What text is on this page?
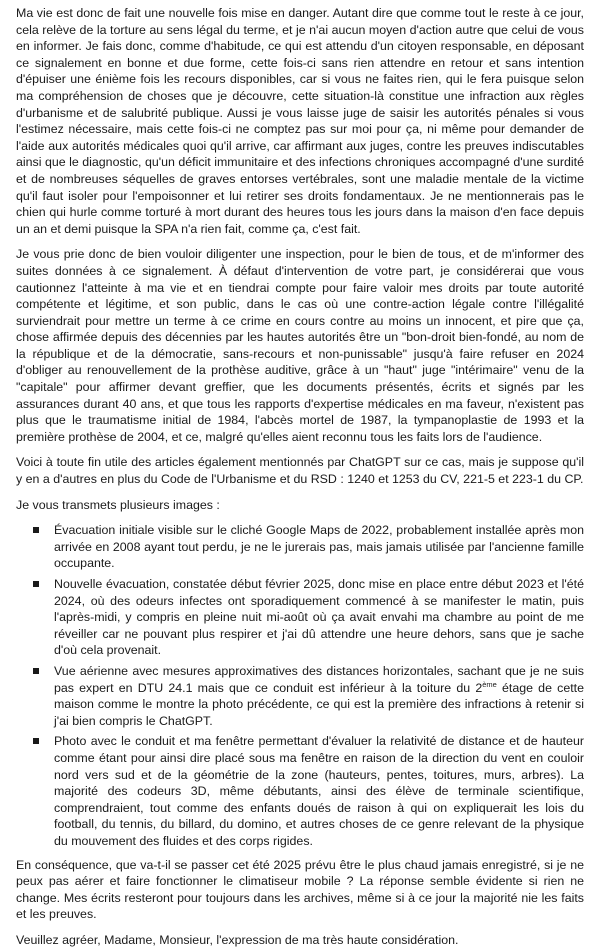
Ma vie est donc de fait une nouvelle fois mise en danger. Autant dire que comme tout le reste à ce jour, cela relève de la torture au sens légal du terme, et je n'ai aucun moyen d'action autre que celui de vous en informer. Je fais donc, comme d'habitude, ce qui est attendu d'un citoyen responsable, en déposant ce signalement en bonne et due forme, cette fois-ci sans rien attendre en retour et sans intention d'épuiser une énième fois les recours disponibles, car si vous ne faites rien, qui le fera puisque selon ma compréhension de choses que je découvre, cette situation-là constitue une infraction aux règles d'urbanisme et de salubrité publique. Aussi je vous laisse juge de saisir les autorités pénales si vous l'estimez nécessaire, mais cette fois-ci ne comptez pas sur moi pour ça, ni même pour demander de l'aide aux autorités médicales quoi qu'il arrive, car affirmant aux juges, contre les preuves indiscutables ainsi que le diagnostic, qu'un déficit immunitaire et des infections chroniques accompagné d'une surdité et de nombreuses séquelles de graves entorses vertébrales, sont une maladie mentale de la victime qu'il faut isoler pour l'empoisonner et lui retirer ses droits fondamentaux. Je ne mentionnerais pas le chien qui hurle comme torturé à mort durant des heures tous les jours dans la maison d'en face depuis un an et demi puisque la SPA n'a rien fait, comme ça, c'est fait.

Je vous prie donc de bien vouloir diligenter une inspection, pour le bien de tous, et de m'informer des suites données à ce signalement. À défaut d'intervention de votre part, je considérerai que vous cautionnez l'atteinte à ma vie et en tiendrai compte pour faire valoir mes droits par toute autorité compétente et légitime, et son public, dans le cas où une contre-action légale contre l'illégalité surviendrait pour mettre un terme à ce crime en cours contre au moins un innocent, et pire que ça, chose affirmée depuis des décennies par les hautes autorités être un "bon-droit bien-fondé, au nom de la république et de la démocratie, sans-recours et non-punissable" jusqu'à faire refuser en 2024 d'obliger au renouvellement de la prothèse auditive, grâce à un "haut" juge "intérimaire" venu de la "capitale" pour affirmer devant greffier, que les documents présentés, écrits et signés par les assurances durant 40 ans, et que tous les rapports d'expertise médicales en ma faveur, n'existent pas plus que le traumatisme initial de 1984, l'abcès mortel de 1987, la tympanoplastie de 1993 et la première prothèse de 2004, et ce, malgré qu'elles aient reconnu tous les faits lors de l'audience.

Voici à toute fin utile des articles également mentionnés par ChatGPT sur ce cas, mais je suppose qu'il y en a d'autres en plus du Code de l'Urbanisme et du RSD : 1240 et 1253 du CV, 221-5 et 223-1 du CP.

Je vous transmets plusieurs images :

Évacuation initiale visible sur le cliché Google Maps de 2022, probablement installée après mon arrivée en 2008 ayant tout perdu, je ne le jurerais pas, mais jamais utilisée par l'ancienne famille occupante.
Nouvelle évacuation, constatée début février 2025, donc mise en place entre début 2023 et l'été 2024, où des odeurs infectes ont sporadiquement commencé à se manifester le matin, puis l'après-midi, y compris en pleine nuit mi-août où ça avait envahi ma chambre au point de me réveiller car ne pouvant plus respirer et j'ai dû attendre une heure dehors, sans que je sache d'où cela provenait.
Vue aérienne avec mesures approximatives des distances horizontales, sachant que je ne suis pas expert en DTU 24.1 mais que ce conduit est inférieur à la toiture du 2ème étage de cette maison comme le montre la photo précédente, ce qui est la première des infractions à retenir si j'ai bien compris le ChatGPT.
Photo avec le conduit et ma fenêtre permettant d'évaluer la relativité de distance et de hauteur comme étant pour ainsi dire placé sous ma fenêtre en raison de la direction du vent en couloir nord vers sud et de la géométrie de la zone (hauteurs, pentes, toitures, murs, arbres). La majorité des codeurs 3D, même débutants, ainsi des élève de terminale scientifique, comprendraient, tout comme des enfants doués de raison à qui on expliquerait les lois du football, du tennis, du billard, du domino, et autres choses de ce genre relevant de la physique du mouvement des fluides et des corps rigides.

En conséquence, que va-t-il se passer cet été 2025 prévu être le plus chaud jamais enregistré, si je ne peux pas aérer et faire fonctionner le climatiseur mobile ? La réponse semble évidente si rien ne change. Mes écrits resteront pour toujours dans les archives, même si à ce jour la majorité nie les faits et les preuves.

Veuillez agréer, Madame, Monsieur, l'expression de ma très haute considération.
